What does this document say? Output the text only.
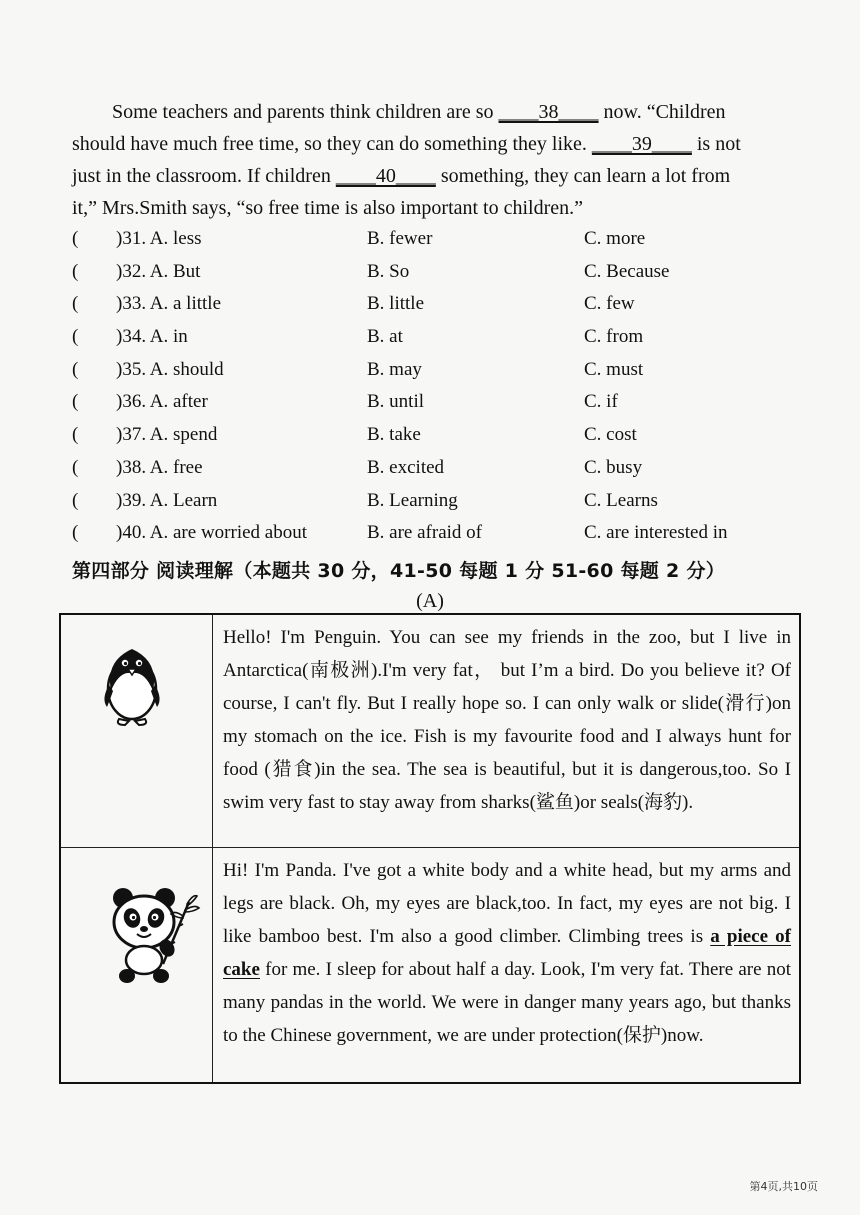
Some teachers and parents think children are so ____38____ now. “Children
should have much free time, so they can do something they like. ____39____ is not
just in the classroom. If children ____40____ something, they can learn a lot from
it,” Mrs.Smith says, “so free time is also important to children.”
( )31. A. less	B. fewer	C. more
( )32. A. But	B. So	C. Because
( )33. A. a little	B. little	C. few
( )34. A. in	B. at	C. from
( )35. A. should	B. may	C. must
( )36. A. after	B. until	C. if
( )37. A. spend	B. take	C. cost
( )38. A. free	B. excited	C. busy
( )39. A. Learn	B. Learning	C. Learns
( )40. A. are worried about	B. are afraid of	C. are interested in
第四部分 阅读理解（本题共 30 分，41-50 每题 1 分 51-60 每题 2 分）
(A)
	Hello! I'm Penguin. You can see my friends in the zoo, but I live in Antarctica(南极洲).I'm very fat， but I’m a bird. Do you believe it? Of course, I can't fly. But I really hope so. I can only walk or slide(滑行)on my stomach on the ice. Fish is my favourite food and I always hunt for food (猎食)in the sea. The sea is beautiful, but it is dangerous,too. So I swim very fast to stay away from sharks(鲨鱼)or seals(海豹).

	Hi! I'm Panda. I've got a white body and a white head, but my arms and legs are black. Oh, my eyes are black,too. In fact, my eyes are not big. I like bamboo best. I'm also a good climber. Climbing trees is a piece of cake for me. I sleep for about half a day. Look, I'm very fat. There are not many pandas in the world. We were in danger many years ago, but thanks to the Chinese government, we are under protection(保护)now.
第4页,共10页
